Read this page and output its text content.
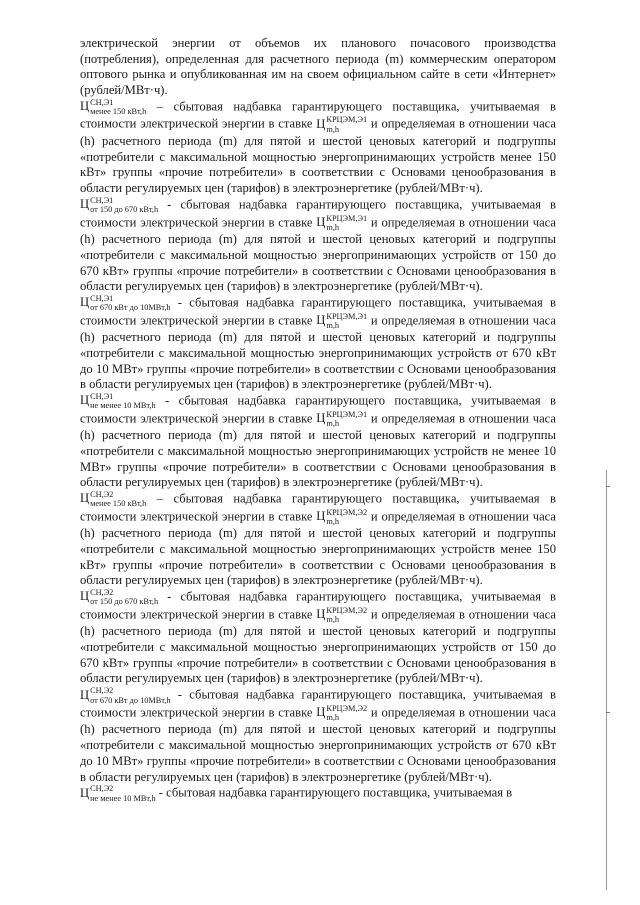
электрической энергии от объемов их планового почасового производства (потребления), определенная для расчетного периода (m) коммерческим оператором оптового рынка и опубликованная им на своем официальном сайте в сети «Интернет» (рублей/МВт·ч).

Ц СН,Э1
менее 150 кВт,h – сбытовая надбавка гарантирующего поставщика, учитываемая в стоимости электрической энергии в ставке Ц КРЦЭМ,Э1
m,h	и определяемая в отношении часа (h) расчетного периода (m) для пятой и шестой ценовых категорий и подгруппы «потребители с максимальной мощностью энергопринимающих устройств менее 150 кВт» группы «прочие потребители» в соответствии с Основами ценообразования в области регулируемых цен (тарифов) в электроэнергетике (рублей/МВт·ч).

Ц СН,Э1
от 150 до 670 кВт,h - сбытовая надбавка гарантирующего поставщика, учитываемая в стоимости электрической энергии в ставке Ц КРЦЭМ,Э1
m,h	и определяемая в отношении часа (h) расчетного периода (m) для пятой и шестой ценовых категорий и подгруппы «потребители с максимальной мощностью энергопринимающих устройств от 150 до 670 кВт» группы «прочие потребители» в соответствии с Основами ценообразования в области регулируемых цен (тарифов) в электроэнергетике (рублей/МВт·ч).

Ц СН,Э1
от 670 кВт до 10МВт,h - сбытовая надбавка гарантирующего поставщика, учитываемая в стоимости электрической энергии в ставке Ц КРЦЭМ,Э1
m,h	и определяемая в отношении часа (h) расчетного периода (m) для пятой и шестой ценовых категорий и подгруппы «потребители с максимальной мощностью энергопринимающих устройств от 670 кВт до 10 МВт» группы «прочие потребители» в соответствии с Основами ценообразования в области регулируемых цен (тарифов) в электроэнергетике (рублей/МВт·ч).

Ц СН,Э1
не менее 10 МВт,h - сбытовая надбавка гарантирующего поставщика, учитываемая в стоимости электрической энергии в ставке Ц КРЦЭМ,Э1
m,h	и определяемая в отношении часа (h) расчетного периода (m) для пятой и шестой ценовых категорий и подгруппы «потребители с максимальной мощностью энергопринимающих устройств не менее 10 МВт» группы «прочие потребители» в соответствии с Основами ценообразования в области регулируемых цен (тарифов) в электроэнергетике (рублей/МВт·ч).

Ц СН,Э2
менее 150 кВт,h – сбытовая надбавка гарантирующего поставщика, учитываемая в стоимости электрической энергии в ставке Ц КРЦЭМ,Э2
m,h	и определяемая в отношении часа (h) расчетного периода (m) для пятой и шестой ценовых категорий и подгруппы «потребители с максимальной мощностью энергопринимающих устройств менее 150 кВт» группы «прочие потребители» в соответствии с Основами ценообразования в области регулируемых цен (тарифов) в электроэнергетике (рублей/МВт·ч).

Ц СН,Э2
от 150 до 670 кВт,h - сбытовая надбавка гарантирующего поставщика, учитываемая в стоимости электрической энергии в ставке Ц КРЦЭМ,Э2
m,h	и определяемая в отношении часа (h) расчетного периода (m) для пятой и шестой ценовых категорий и подгруппы «потребители с максимальной мощностью энергопринимающих устройств от 150 до 670 кВт» группы «прочие потребители» в соответствии с Основами ценообразования в области регулируемых цен (тарифов) в электроэнергетике (рублей/МВт·ч).

Ц СН,Э2
от 670 кВт до 10МВт,h - сбытовая надбавка гарантирующего поставщика, учитываемая в стоимости электрической энергии в ставке Ц КРЦЭМ,Э2
m,h	и определяемая в отношении часа (h) расчетного периода (m) для пятой и шестой ценовых категорий и подгруппы «потребители с максимальной мощностью энергопринимающих устройств от 670 кВт до 10 МВт» группы «прочие потребители» в соответствии с Основами ценообразования в области регулируемых цен (тарифов) в электроэнергетике (рублей/МВт·ч).

Ц СН,Э2
не менее 10 МВт,h - сбытовая надбавка гарантирующего поставщика, учитываемая в
